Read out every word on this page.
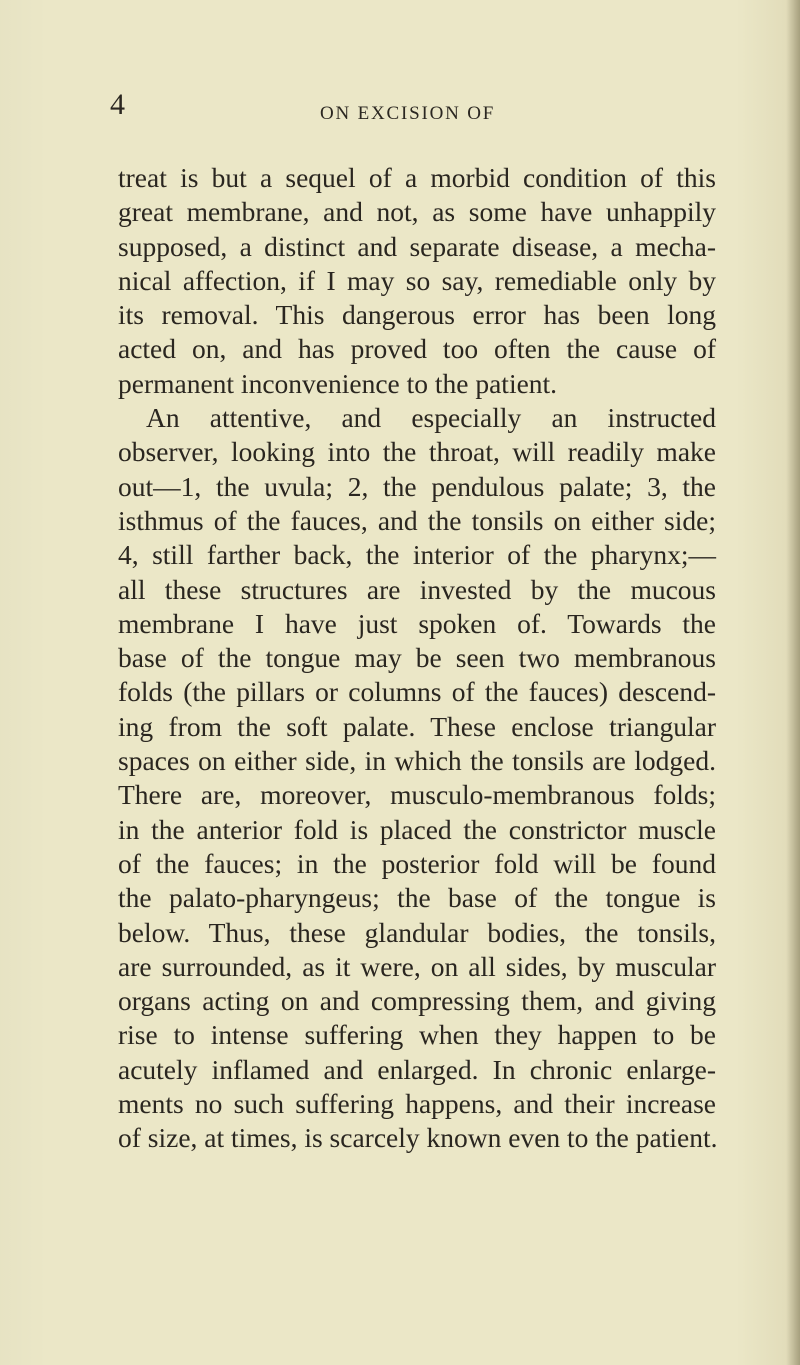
4	ON EXCISION OF
treat is but a sequel of a morbid condition of this
great membrane, and not, as some have unhappily
supposed, a distinct and separate disease, a mecha-
nical affection, if I may so say, remediable only by
its removal. This dangerous error has been long
acted on, and has proved too often the cause of
permanent inconvenience to the patient.
An attentive, and especially an instructed
observer, looking into the throat, will readily make
out—1, the uvula; 2, the pendulous palate; 3, the
isthmus of the fauces, and the tonsils on either side;
4, still farther back, the interior of the pharynx;—
all these structures are invested by the mucous
membrane I have just spoken of. Towards the
base of the tongue may be seen two membranous
folds (the pillars or columns of the fauces) descend-
ing from the soft palate. These enclose triangular
spaces on either side, in which the tonsils are lodged.
There are, moreover, musculo-membranous folds;
in the anterior fold is placed the constrictor muscle
of the fauces; in the posterior fold will be found
the palato-pharyngeus; the base of the tongue is
below. Thus, these glandular bodies, the tonsils,
are surrounded, as it were, on all sides, by muscular
organs acting on and compressing them, and giving
rise to intense suffering when they happen to be
acutely inflamed and enlarged. In chronic enlarge-
ments no such suffering happens, and their increase
of size, at times, is scarcely known even to the patient.
